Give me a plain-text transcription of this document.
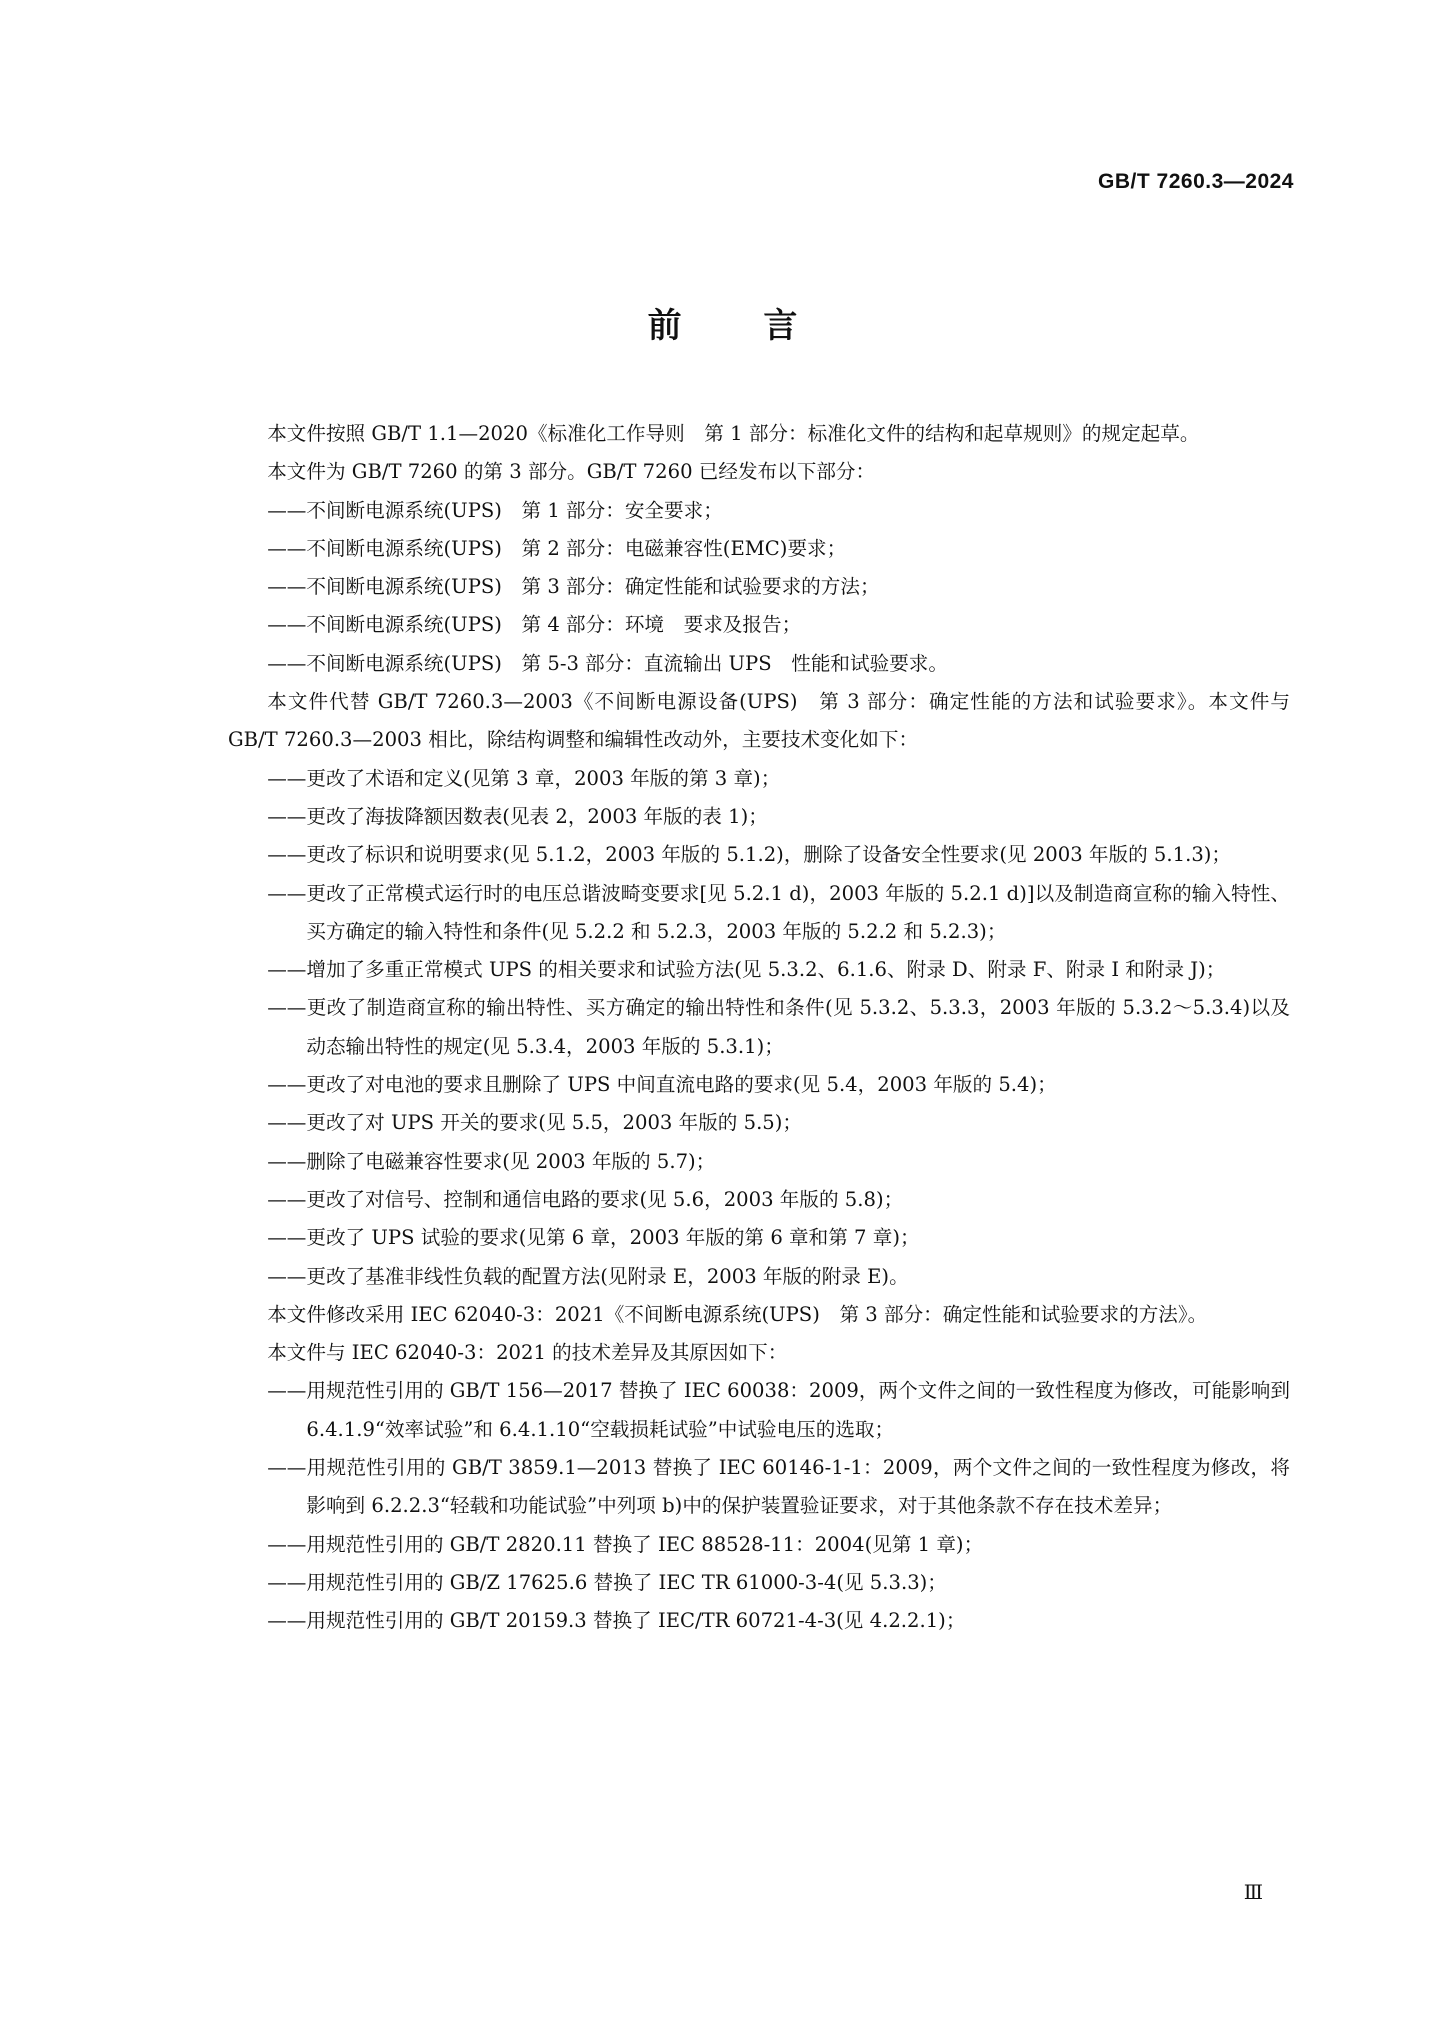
GB/T 7260.3—2024
前 言

本文件按照 GB/T 1.1—2020《标准化工作导则　第 1 部分：标准化文件的结构和起草规则》的规定起草。

本文件为 GB/T 7260 的第 3 部分。GB/T 7260 已经发布以下部分：

——不间断电源系统(UPS)　第 1 部分：安全要求；

——不间断电源系统(UPS)　第 2 部分：电磁兼容性(EMC)要求；

——不间断电源系统(UPS)　第 3 部分：确定性能和试验要求的方法；

——不间断电源系统(UPS)　第 4 部分：环境　要求及报告；

——不间断电源系统(UPS)　第 5-3 部分：直流输出 UPS　性能和试验要求。

本文件代替 GB/T 7260.3—2003《不间断电源设备(UPS)　第 3 部分：确定性能的方法和试验要求》。本文件与 GB/T 7260.3—2003 相比，除结构调整和编辑性改动外，主要技术变化如下：

——更改了术语和定义(见第 3 章，2003 年版的第 3 章)；

——更改了海拔降额因数表(见表 2，2003 年版的表 1)；

——更改了标识和说明要求(见 5.1.2，2003 年版的 5.1.2)，删除了设备安全性要求(见 2003 年版的 5.1.3)；

——更改了正常模式运行时的电压总谐波畸变要求[见 5.2.1 d)，2003 年版的 5.2.1 d)]以及制造商宣称的输入特性、买方确定的输入特性和条件(见 5.2.2 和 5.2.3，2003 年版的 5.2.2 和 5.2.3)；

——增加了多重正常模式 UPS 的相关要求和试验方法(见 5.3.2、6.1.6、附录 D、附录 F、附录 I 和附录 J)；

——更改了制造商宣称的输出特性、买方确定的输出特性和条件(见 5.3.2、5.3.3，2003 年版的 5.3.2～5.3.4)以及动态输出特性的规定(见 5.3.4，2003 年版的 5.3.1)；

——更改了对电池的要求且删除了 UPS 中间直流电路的要求(见 5.4，2003 年版的 5.4)；

——更改了对 UPS 开关的要求(见 5.5，2003 年版的 5.5)；

——删除了电磁兼容性要求(见 2003 年版的 5.7)；

——更改了对信号、控制和通信电路的要求(见 5.6，2003 年版的 5.8)；

——更改了 UPS 试验的要求(见第 6 章，2003 年版的第 6 章和第 7 章)；

——更改了基准非线性负载的配置方法(见附录 E，2003 年版的附录 E)。

本文件修改采用 IEC 62040-3：2021《不间断电源系统(UPS)　第 3 部分：确定性能和试验要求的方法》。

本文件与 IEC 62040-3：2021 的技术差异及其原因如下：

——用规范性引用的 GB/T 156—2017 替换了 IEC 60038：2009，两个文件之间的一致性程度为修改，可能影响到 6.4.1.9“效率试验”和 6.4.1.10“空载损耗试验”中试验电压的选取；

——用规范性引用的 GB/T 3859.1—2013 替换了 IEC 60146-1-1：2009，两个文件之间的一致性程度为修改，将影响到 6.2.2.3“轻载和功能试验”中列项 b)中的保护装置验证要求，对于其他条款不存在技术差异；

——用规范性引用的 GB/T 2820.11 替换了 IEC 88528-11：2004(见第 1 章)；

——用规范性引用的 GB/Z 17625.6 替换了 IEC TR 61000-3-4(见 5.3.3)；

——用规范性引用的 GB/T 20159.3 替换了 IEC/TR 60721-4-3(见 4.2.2.1)；

Ⅲ
